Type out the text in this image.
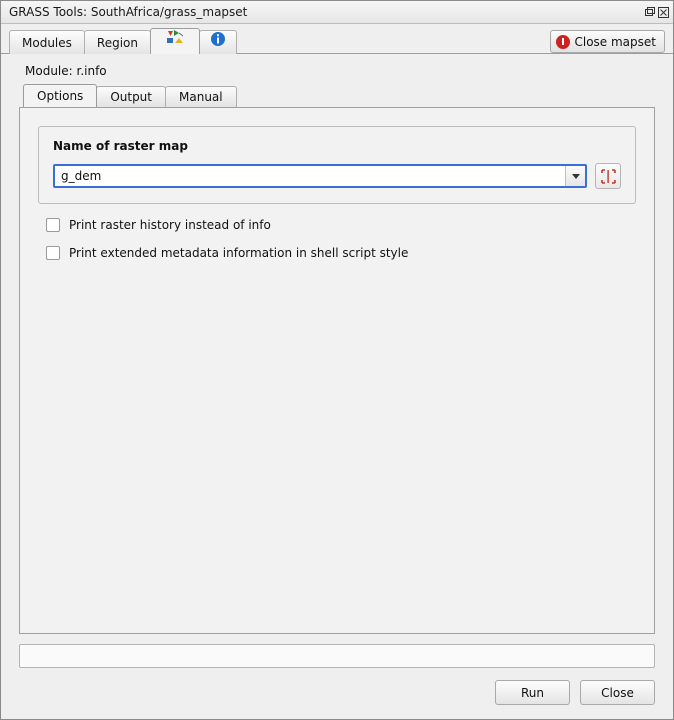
GRASS Tools: SouthAfrica/grass_mapset
Modules	Region	Close mapset
Module: r.info
Options	Output	Manual
Name of raster map
g_dem
Print raster history instead of info
Print extended metadata information in shell script style
Run	Close
